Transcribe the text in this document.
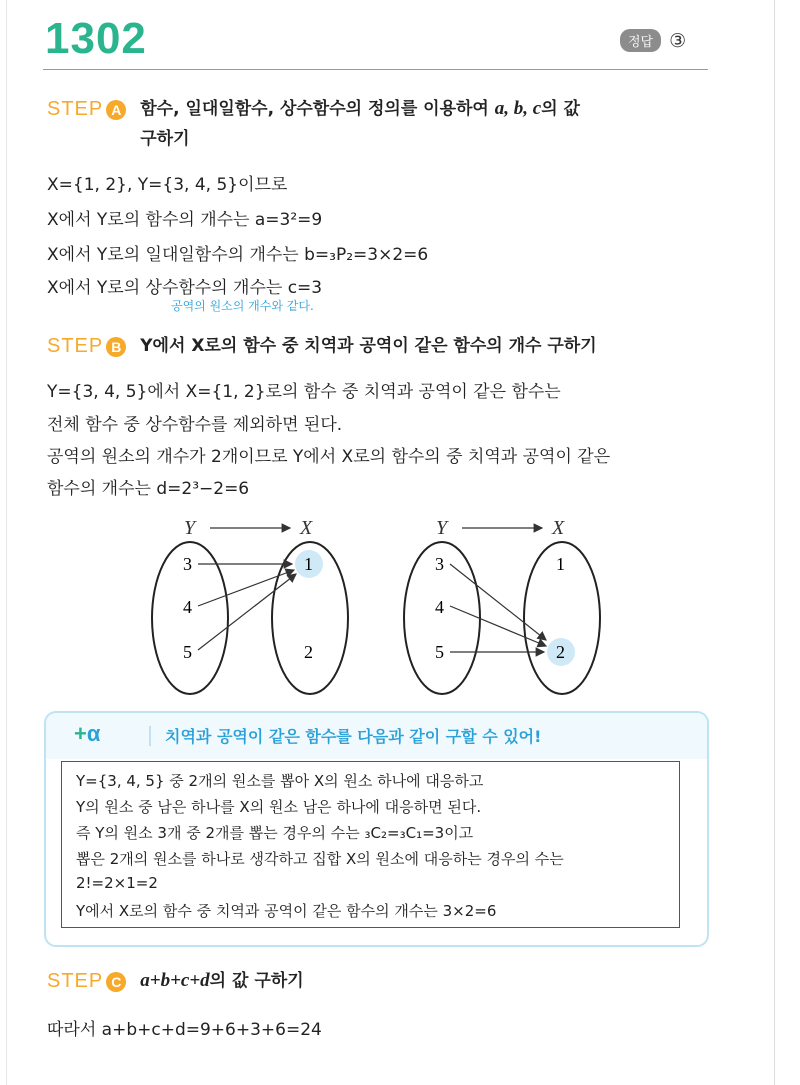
1302	정답 ③
STEP A 함수, 일대일함수, 상수함수의 정의를 이용하여 a, b, c의 값
구하기
X={1, 2}, Y={3, 4, 5}이므로
X에서 Y로의 함수의 개수는 a=3²=9
X에서 Y로의 일대일함수의 개수는 b=₃P₂=3×2=6
X에서 Y로의 상수함수의 개수는 c=3
공역의 원소의 개수와 같다.
STEP B Y에서 X로의 함수 중 치역과 공역이 같은 함수의 개수 구하기
Y={3, 4, 5}에서 X={1, 2}로의 함수 중 치역과 공역이 같은 함수는
전체 함수 중 상수함수를 제외하면 된다.
공역의 원소의 개수가 2개이므로 Y에서 X로의 함수의 중 치역과 공역이 같은
함수의 개수는 d=2³−2=6
Y	X
3
4
5
1
2
Y	X
3
4
5
1
2
+α	치역과 공역이 같은 함수를 다음과 같이 구할 수 있어!
Y={3, 4, 5} 중 2개의 원소를 뽑아 X의 원소 하나에 대응하고
Y의 원소 중 남은 하나를 X의 원소 남은 하나에 대응하면 된다.
즉 Y의 원소 3개 중 2개를 뽑는 경우의 수는 ₃C₂=₃C₁=3이고
뽑은 2개의 원소를 하나로 생각하고 집합 X의 원소에 대응하는 경우의 수는
2!=2×1=2
Y에서 X로의 함수 중 치역과 공역이 같은 함수의 개수는 3×2=6
STEP C a+b+c+d의 값 구하기
따라서 a+b+c+d=9+6+3+6=24
